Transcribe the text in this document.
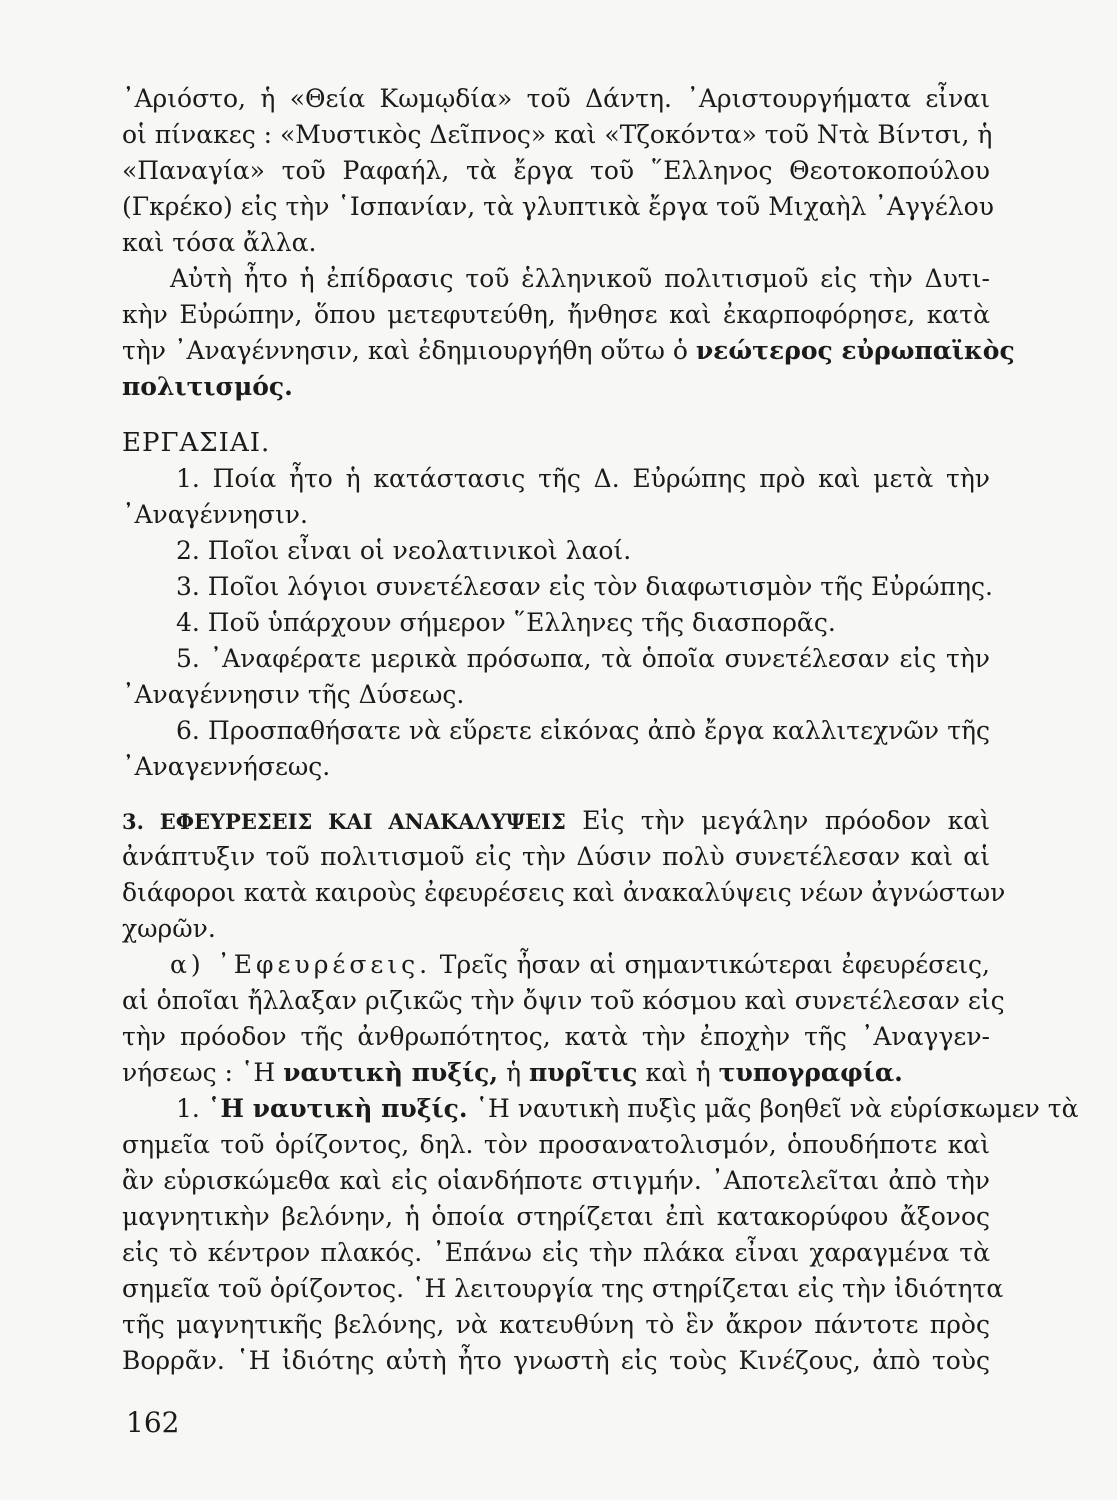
᾿Αριόστο, ἡ «Θεία Κωμῳδία» τοῦ Δάντη. ᾿Αριστουργήματα εἶναι
οἱ πίνακες : «Μυστικὸς Δεῖπνος» καὶ «Τζοκόντα» τοῦ Ντὰ Βίντσι, ἡ
«Παναγία» τοῦ Ραφαήλ, τὰ ἔργα τοῦ ῞Ελληνος Θεοτοκοπούλου
(Γκρέκο) εἰς τὴν ῾Ισπανίαν, τὰ γλυπτικὰ ἔργα τοῦ Μιχαὴλ ᾿Αγγέλου
καὶ τόσα ἄλλα.
Αὐτὴ ἦτο ἡ ἐπίδρασις τοῦ ἑλληνικοῦ πολιτισμοῦ εἰς τὴν Δυτι-
κὴν Εὐρώπην, ὅπου μετεφυτεύθη, ἤνθησε καὶ ἐκαρποφόρησε, κατὰ
τὴν ᾿Αναγέννησιν, καὶ ἐδημιουργήθη οὕτω ὁ νεώτερος εὐρωπαϊκὸς
πολιτισμός.
ΕΡΓΑΣΙΑΙ.
1. Ποία ἦτο ἡ κατάστασις τῆς Δ. Εὐρώπης πρὸ καὶ μετὰ τὴν
᾿Αναγέννησιν.
2. Ποῖοι εἶναι οἱ νεολατινικοὶ λαοί.
3. Ποῖοι λόγιοι συνετέλεσαν εἰς τὸν διαφωτισμὸν τῆς Εὐρώπης.
4. Ποῦ ὑπάρχουν σήμερον ῞Ελληνες τῆς διασπορᾶς.
5. ᾿Αναφέρατε μερικὰ πρόσωπα, τὰ ὁποῖα συνετέλεσαν εἰς τὴν
᾿Αναγέννησιν τῆς Δύσεως.
6. Προσπαθήσατε νὰ εὕρετε εἰκόνας ἀπὸ ἔργα καλλιτεχνῶν τῆς
᾿Αναγεννήσεως.
3. ΕΦΕΥΡΕΣΕΙΣ ΚΑΙ ΑΝΑΚΑΛΥΨΕΙΣ Εἰς τὴν μεγάλην πρόοδον καὶ
ἀνάπτυξιν τοῦ πολιτισμοῦ εἰς τὴν Δύσιν πολὺ συνετέλεσαν καὶ αἱ
διάφοροι κατὰ καιροὺς ἐφευρέσεις καὶ ἀνακαλύψεις νέων ἀγνώστων
χωρῶν.
α) ᾿Εφευρέσεις. Τρεῖς ἦσαν αἱ σημαντικώτεραι ἐφευρέσεις,
αἱ ὁποῖαι ἤλλαξαν ριζικῶς τὴν ὄψιν τοῦ κόσμου καὶ συνετέλεσαν εἰς
τὴν πρόοδον τῆς ἀνθρωπότητος, κατὰ τὴν ἐποχὴν τῆς ᾿Αναγγεν-
νήσεως : ῾Η ναυτικὴ πυξίς, ἡ πυρῖτις καὶ ἡ τυπογραφία.
1. ῾Η ναυτικὴ πυξίς. ῾Η ναυτικὴ πυξὶς μᾶς βοηθεῖ νὰ εὑρίσκωμεν τὰ
σημεῖα τοῦ ὁρίζοντος, δηλ. τὸν προσανατολισμόν, ὁπουδήποτε καὶ
ἂν εὑρισκώμεθα καὶ εἰς οἱανδήποτε στιγμήν. ᾿Αποτελεῖται ἀπὸ τὴν
μαγνητικὴν βελόνην, ἡ ὁποία στηρίζεται ἐπὶ κατακορύφου ἄξονος
εἰς τὸ κέντρον πλακός. ᾿Επάνω εἰς τὴν πλάκα εἶναι χαραγμένα τὰ
σημεῖα τοῦ ὁρίζοντος. ῾Η λειτουργία της στηρίζεται εἰς τὴν ἰδιότητα
τῆς μαγνητικῆς βελόνης, νὰ κατευθύνη τὸ ἓν ἄκρον πάντοτε πρὸς
Βορρᾶν. ῾Η ἰδιότης αὐτὴ ἦτο γνωστὴ εἰς τοὺς Κινέζους, ἀπὸ τοὺς
162
